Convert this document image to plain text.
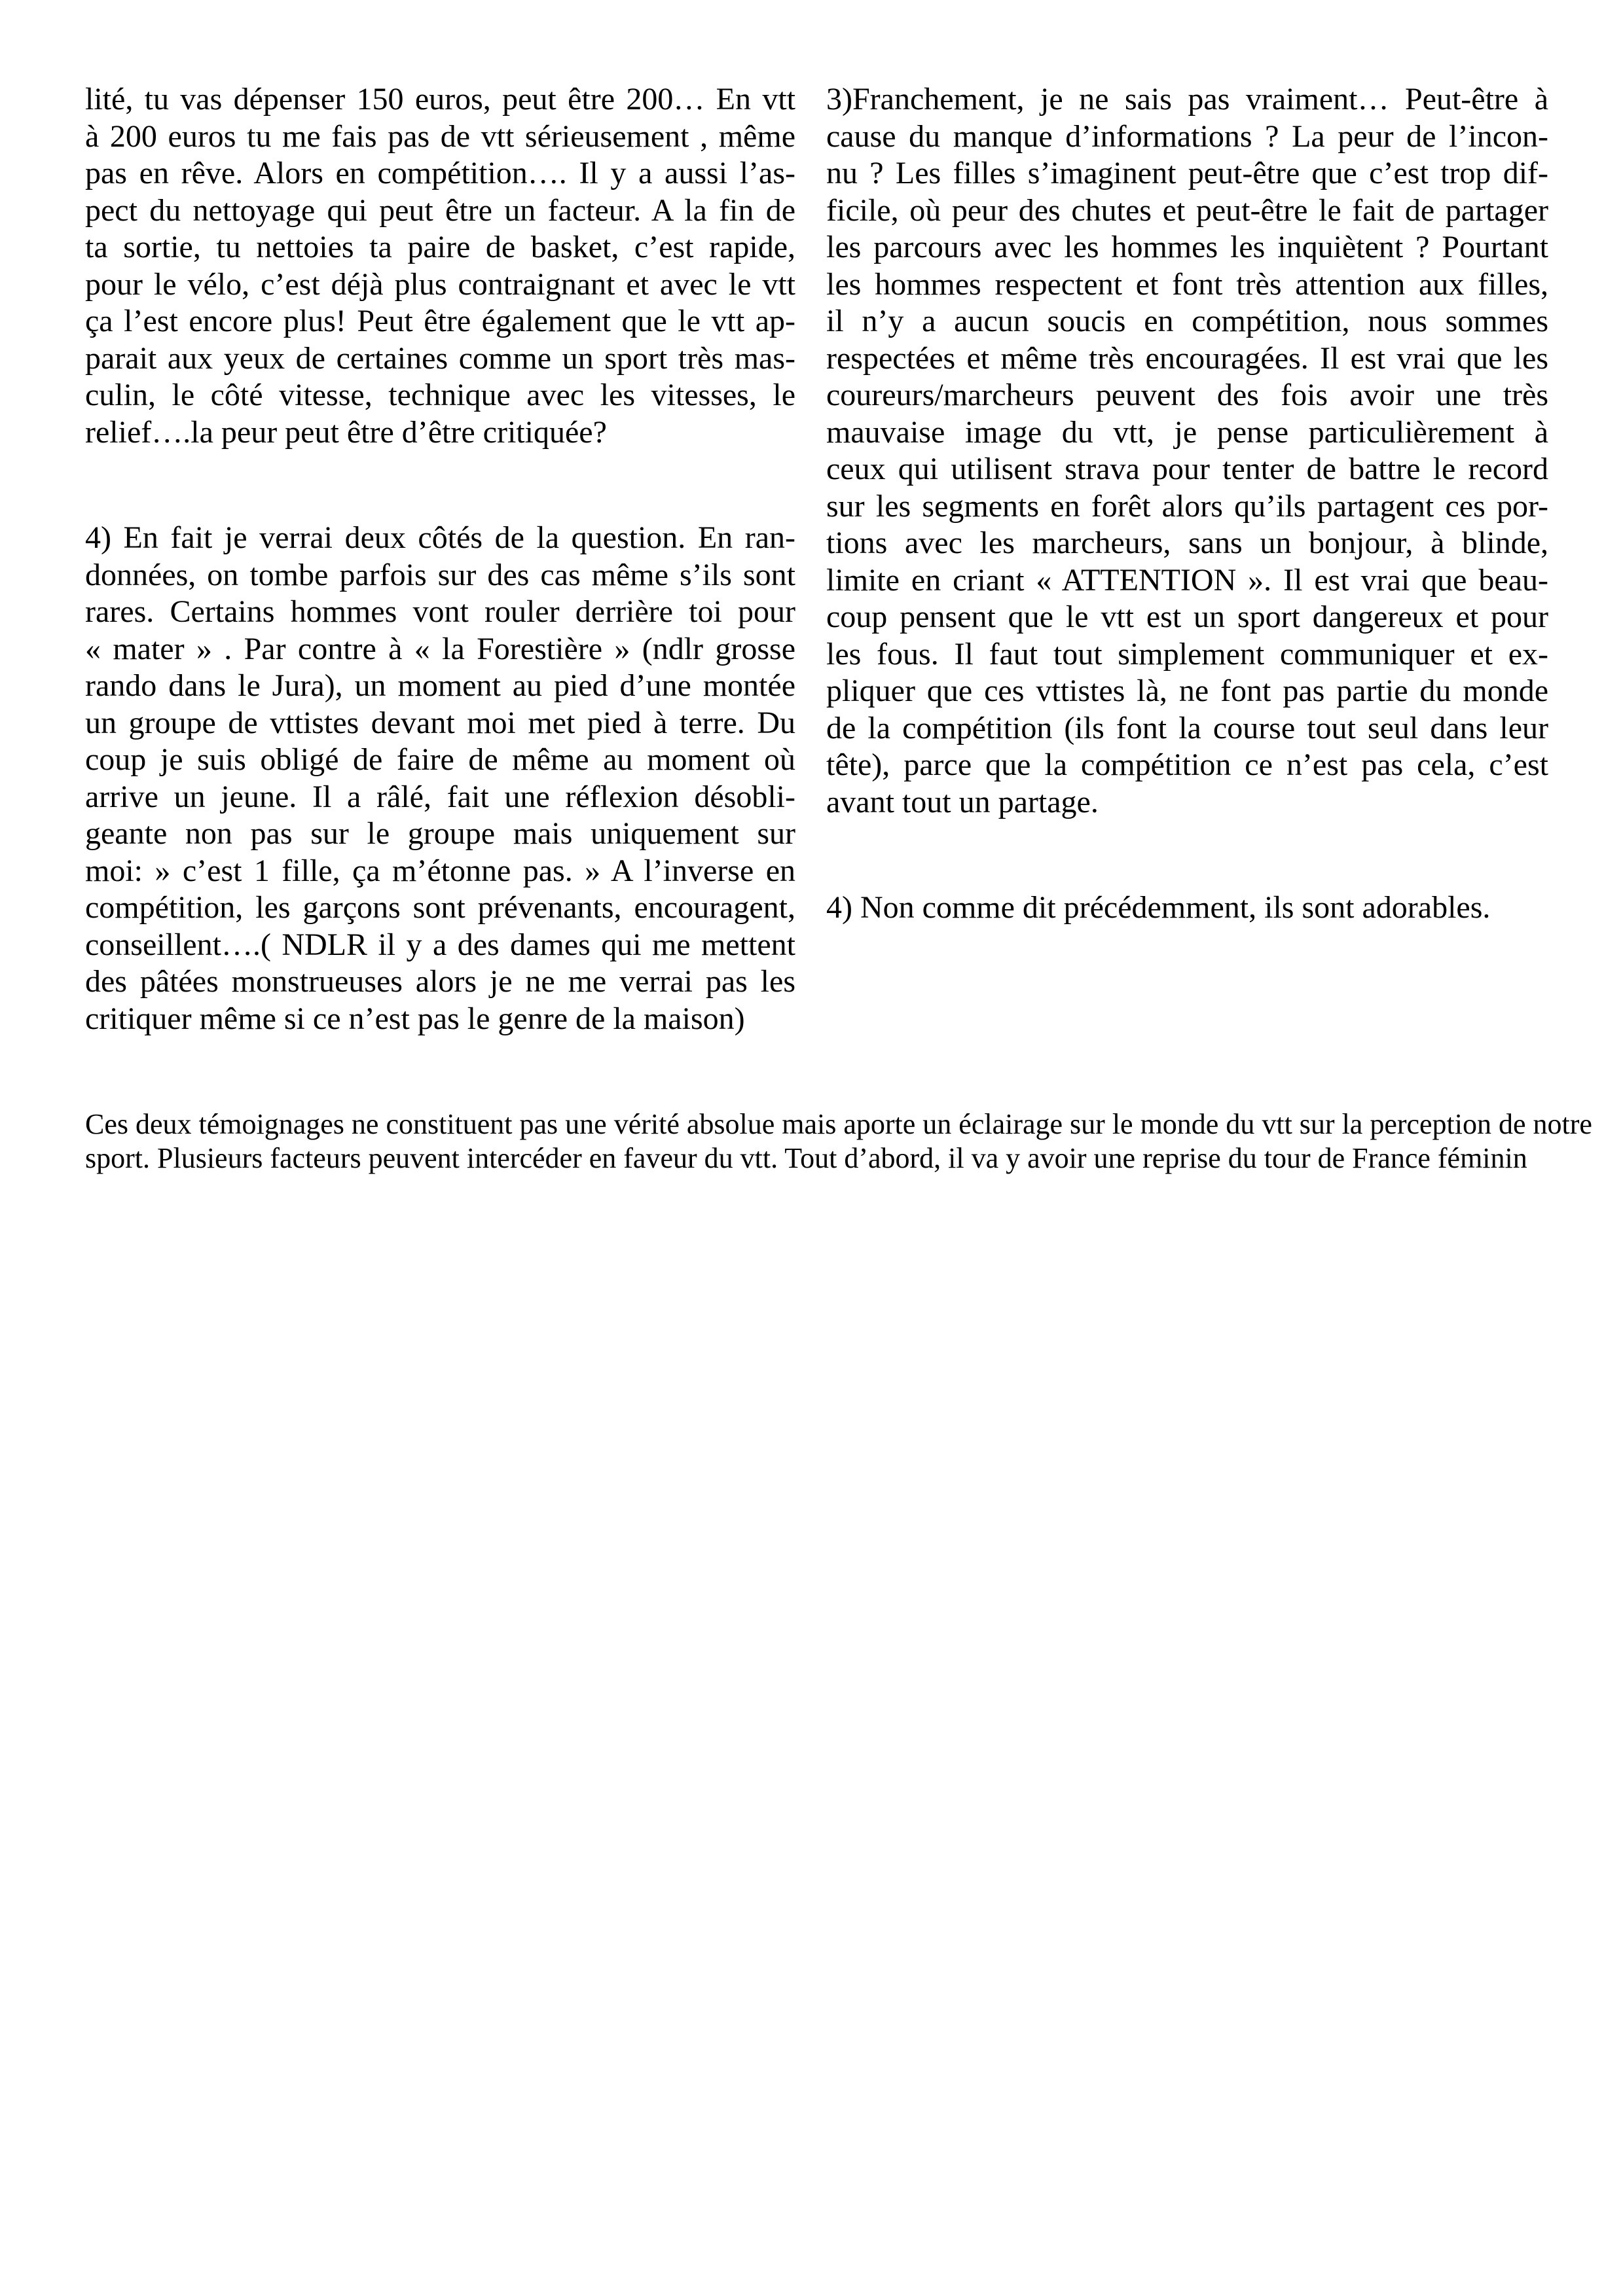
lité, tu vas dépenser 150 euros, peut être 200… En vtt
à 200 euros tu me fais pas de vtt sérieusement , même
pas en rêve. Alors en compétition…. Il y a aussi l’as-
pect du nettoyage qui peut être un facteur. A la fin de
ta sortie, tu nettoies ta paire de basket, c’est rapide,
pour le vélo, c’est déjà plus contraignant et avec le vtt
ça l’est encore plus! Peut être également que le vtt ap-
parait aux yeux de certaines comme un sport très mas-
culin, le côté vitesse, technique avec les vitesses, le
relief….la peur peut être d’être critiquée?
4) En fait je verrai deux côtés de la question. En ran-
données, on tombe parfois sur des cas même s’ils sont
rares. Certains hommes vont rouler derrière toi pour
« mater » . Par contre à « la Forestière » (ndlr grosse
rando dans le Jura), un moment au pied d’une montée
un groupe de vttistes devant moi met pied à terre. Du
coup je suis obligé de faire de même au moment où
arrive un jeune. Il a râlé, fait une réflexion désobli-
geante non pas sur le groupe mais uniquement sur
moi: » c’est 1 fille, ça m’étonne pas. » A l’inverse en
compétition, les garçons sont prévenants, encouragent,
conseillent….( NDLR il y a des dames qui me mettent
des pâtées monstrueuses alors je ne me verrai pas les
critiquer même si ce n’est pas le genre de la maison)
3)Franchement, je ne sais pas vraiment… Peut-être à
cause du manque d’informations ? La peur de l’incon-
nu ? Les filles s’imaginent peut-être que c’est trop dif-
ficile, où peur des chutes et peut-être le fait de partager
les parcours avec les hommes les inquiètent ? Pourtant
les hommes respectent et font très attention aux filles,
il n’y a aucun soucis en compétition, nous sommes
respectées et même très encouragées. Il est vrai que les
coureurs/marcheurs peuvent des fois avoir une très
mauvaise image du vtt, je pense particulièrement à
ceux qui utilisent strava pour tenter de battre le record
sur les segments en forêt alors qu’ils partagent ces por-
tions avec les marcheurs, sans un bonjour, à blinde,
limite en criant « ATTENTION ». Il est vrai que beau-
coup pensent que le vtt est un sport dangereux et pour
les fous. Il faut tout simplement communiquer et ex-
pliquer que ces vttistes là, ne font pas partie du monde
de la compétition (ils font la course tout seul dans leur
tête), parce que la compétition ce n’est pas cela, c’est
avant tout un partage.
4) Non comme dit précédemment, ils sont adorables.
Ces deux témoignages ne constituent pas une vérité absolue mais aporte un éclairage sur le monde du vtt sur la perception de notre
sport. Plusieurs facteurs peuvent intercéder en faveur du vtt. Tout d’abord, il va y avoir une reprise du tour de France féminin
